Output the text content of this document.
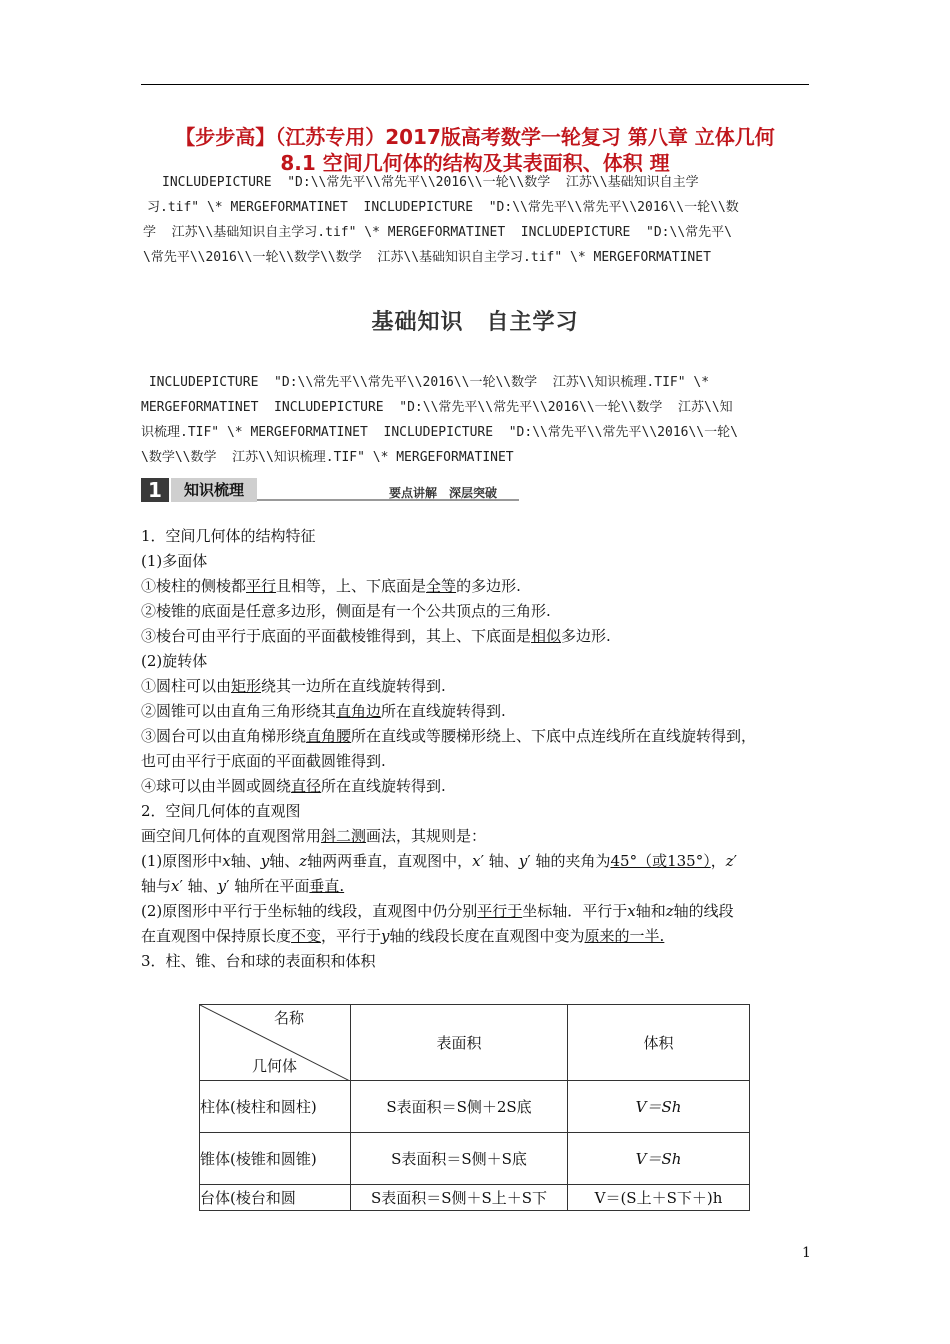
【步步高】（江苏专用）2017版高考数学一轮复习 第八章 立体几何
8.1 空间几何体的结构及其表面积、体积 理
INCLUDEPICTURE  "D:\\常先平\\常先平\\2016\\一轮\\数学  江苏\\基础知识自主学
习.tif" \* MERGEFORMATINET  INCLUDEPICTURE  "D:\\常先平\\常先平\\2016\\一轮\\数
学  江苏\\基础知识自主学习.tif" \* MERGEFORMATINET  INCLUDEPICTURE  "D:\\常先平\
\常先平\\2016\\一轮\\数学\\数学  江苏\\基础知识自主学习.tif" \* MERGEFORMATINET
基础知识　自主学习
INCLUDEPICTURE  "D:\\常先平\\常先平\\2016\\一轮\\数学  江苏\\知识梳理.TIF" \*
MERGEFORMATINET  INCLUDEPICTURE  "D:\\常先平\\常先平\\2016\\一轮\\数学  江苏\\知
识梳理.TIF" \* MERGEFORMATINET  INCLUDEPICTURE  "D:\\常先平\\常先平\\2016\\一轮\
\数学\\数学  江苏\\知识梳理.TIF" \* MERGEFORMATINET
1	知识梳理	要点讲解　深层突破
1．空间几何体的结构特征
(1)多面体
①棱柱的侧棱都平行且相等，上、下底面是全等的多边形.
②棱锥的底面是任意多边形，侧面是有一个公共顶点的三角形.
③棱台可由平行于底面的平面截棱锥得到，其上、下底面是相似多边形.
(2)旋转体
①圆柱可以由矩形绕其一边所在直线旋转得到.
②圆锥可以由直角三角形绕其直角边所在直线旋转得到.
③圆台可以由直角梯形绕直角腰所在直线或等腰梯形绕上、下底中点连线所在直线旋转得到，
也可由平行于底面的平面截圆锥得到.
④球可以由半圆或圆绕直径所在直线旋转得到.
2．空间几何体的直观图
画空间几何体的直观图常用斜二测画法，其规则是：
(1)原图形中x轴、y轴、z轴两两垂直，直观图中，x′ 轴、y′ 轴的夹角为45°（或135°），z′
轴与x′ 轴、y′ 轴所在平面垂直.
(2)原图形中平行于坐标轴的线段，直观图中仍分别平行于坐标轴．平行于x轴和z轴的线段
在直观图中保持原长度不变，平行于y轴的线段长度在直观图中变为原来的一半.
3．柱、锥、台和球的表面积和体积
名称
几何体	表面积	体积
柱体(棱柱和圆柱)	S表面积＝S侧＋2S底	V＝Sh
锥体(棱锥和圆锥)	S表面积＝S侧＋S底	V＝Sh
台体(棱台和圆	S表面积＝S侧＋S上＋S下	V＝(S上＋S下＋)h
1
